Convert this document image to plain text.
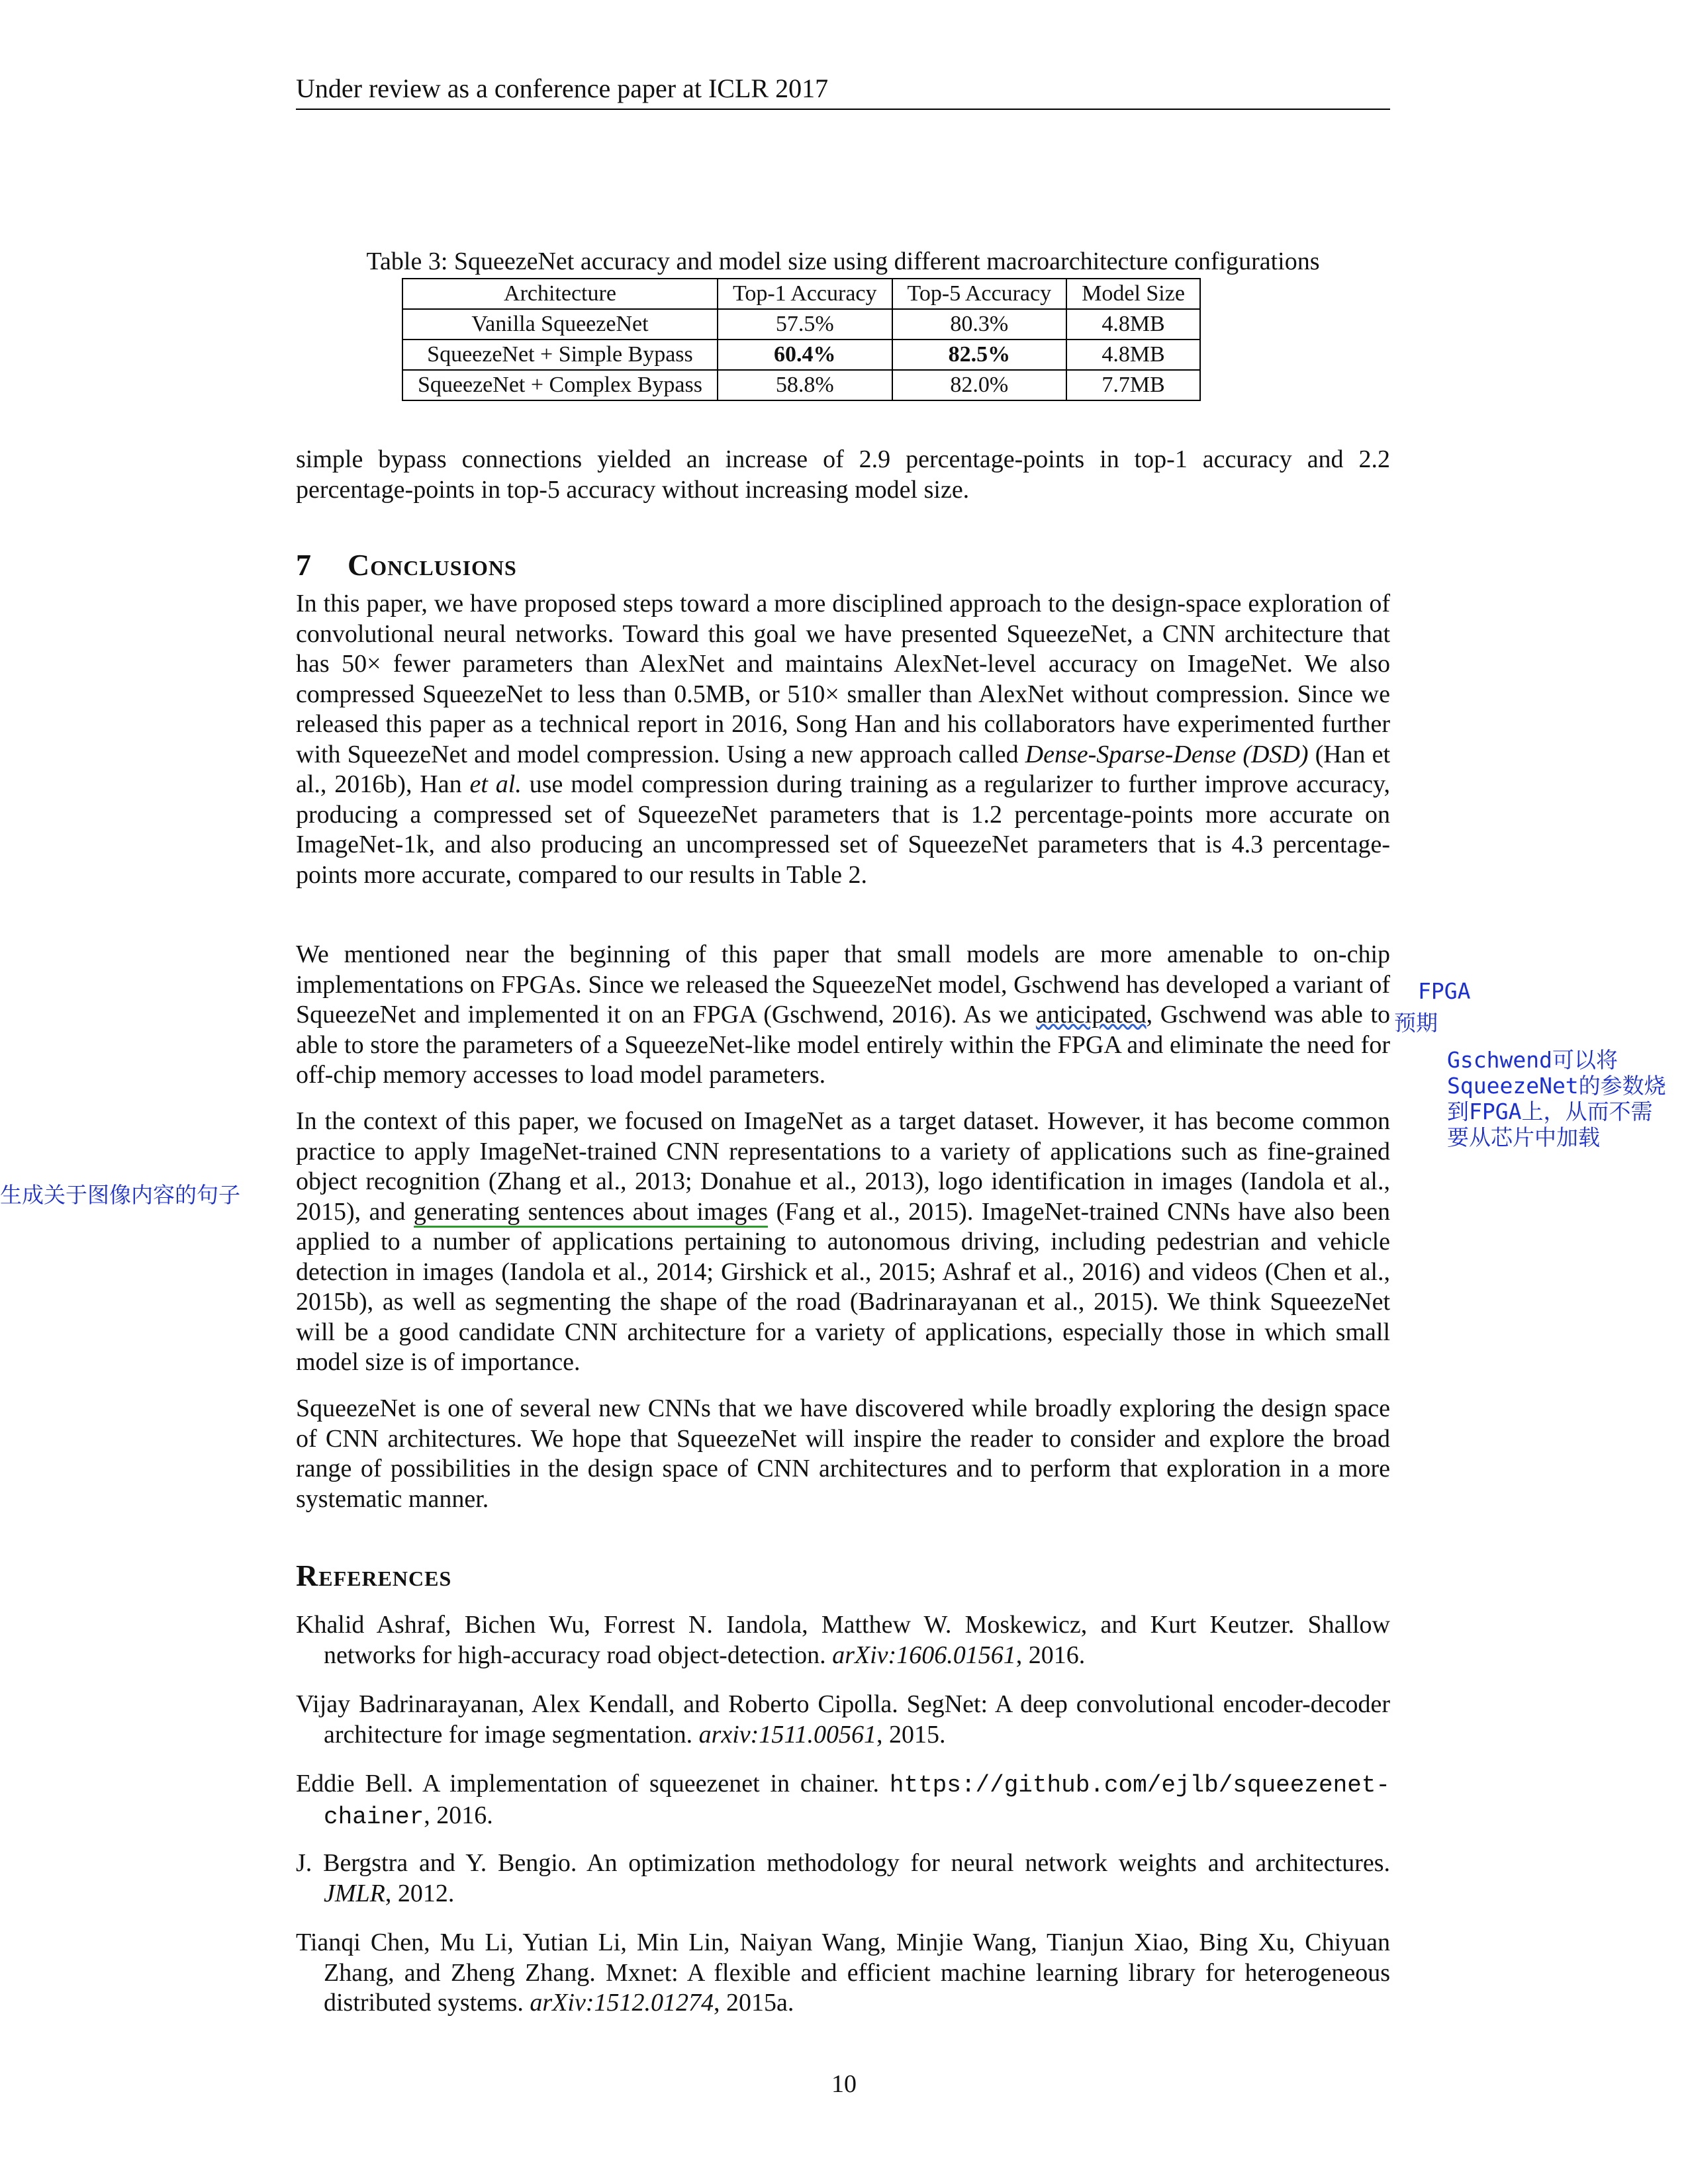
Under review as a conference paper at ICLR 2017
Table 3: SqueezeNet accuracy and model size using different macroarchitecture configurations
Architecture	Top-1 Accuracy	Top-5 Accuracy	Model Size
Vanilla SqueezeNet	57.5%	80.3%	4.8MB
SqueezeNet + Simple Bypass	60.4%	82.5%	4.8MB
SqueezeNet + Complex Bypass	58.8%	82.0%	7.7MB

simple bypass connections yielded an increase of 2.9 percentage-points in top-1 accuracy and 2.2 percentage-points in top-5 accuracy without increasing model size.

7 Conclusions

In this paper, we have proposed steps toward a more disciplined approach to the design-space exploration of convolutional neural networks. Toward this goal we have presented SqueezeNet, a CNN architecture that has 50× fewer parameters than AlexNet and maintains AlexNet-level accuracy on ImageNet. We also compressed SqueezeNet to less than 0.5MB, or 510× smaller than AlexNet without compression. Since we released this paper as a technical report in 2016, Song Han and his collaborators have experimented further with SqueezeNet and model compression. Using a new approach called Dense-Sparse-Dense (DSD) (Han et al., 2016b), Han et al. use model compression during training as a regularizer to further improve accuracy, producing a compressed set of SqueezeNet parameters that is 1.2 percentage-points more accurate on ImageNet-1k, and also producing an uncompressed set of SqueezeNet parameters that is 4.3 percentage-points more accurate, compared to our results in Table 2.

We mentioned near the beginning of this paper that small models are more amenable to on-chip implementations on FPGAs. Since we released the SqueezeNet model, Gschwend has developed a variant of SqueezeNet and implemented it on an FPGA (Gschwend, 2016). As we anticipated, Gschwend was able to able to store the parameters of a SqueezeNet-like model entirely within the FPGA and eliminate the need for off-chip memory accesses to load model parameters.

In the context of this paper, we focused on ImageNet as a target dataset. However, it has become common practice to apply ImageNet-trained CNN representations to a variety of applications such as fine-grained object recognition (Zhang et al., 2013; Donahue et al., 2013), logo identification in images (Iandola et al., 2015), and generating sentences about images (Fang et al., 2015). ImageNet-trained CNNs have also been applied to a number of applications pertaining to autonomous driving, including pedestrian and vehicle detection in images (Iandola et al., 2014; Girshick et al., 2015; Ashraf et al., 2016) and videos (Chen et al., 2015b), as well as segmenting the shape of the road (Badrinarayanan et al., 2015). We think SqueezeNet will be a good candidate CNN architecture for a variety of applications, especially those in which small model size is of importance.

SqueezeNet is one of several new CNNs that we have discovered while broadly exploring the design space of CNN architectures. We hope that SqueezeNet will inspire the reader to consider and explore the broad range of possibilities in the design space of CNN architectures and to perform that exploration in a more systematic manner.

References

Khalid Ashraf, Bichen Wu, Forrest N. Iandola, Matthew W. Moskewicz, and Kurt Keutzer. Shallow networks for high-accuracy road object-detection. arXiv:1606.01561, 2016.

Vijay Badrinarayanan, Alex Kendall, and Roberto Cipolla. SegNet: A deep convolutional encoder-decoder architecture for image segmentation. arxiv:1511.00561, 2015.

Eddie Bell. A implementation of squeezenet in chainer. https://github.com/ejlb/squeezenet-chainer, 2016.

J. Bergstra and Y. Bengio. An optimization methodology for neural network weights and architectures. JMLR, 2012.

Tianqi Chen, Mu Li, Yutian Li, Min Lin, Naiyan Wang, Minjie Wang, Tianjun Xiao, Bing Xu, Chiyuan Zhang, and Zheng Zhang. Mxnet: A flexible and efficient machine learning library for heterogeneous distributed systems. arXiv:1512.01274, 2015a.

10
FPGA
预期
Gschwend可以将SqueezeNet的参数烧到FPGA上，从而不需要从芯片中加载
生成关于图像内容的句子
